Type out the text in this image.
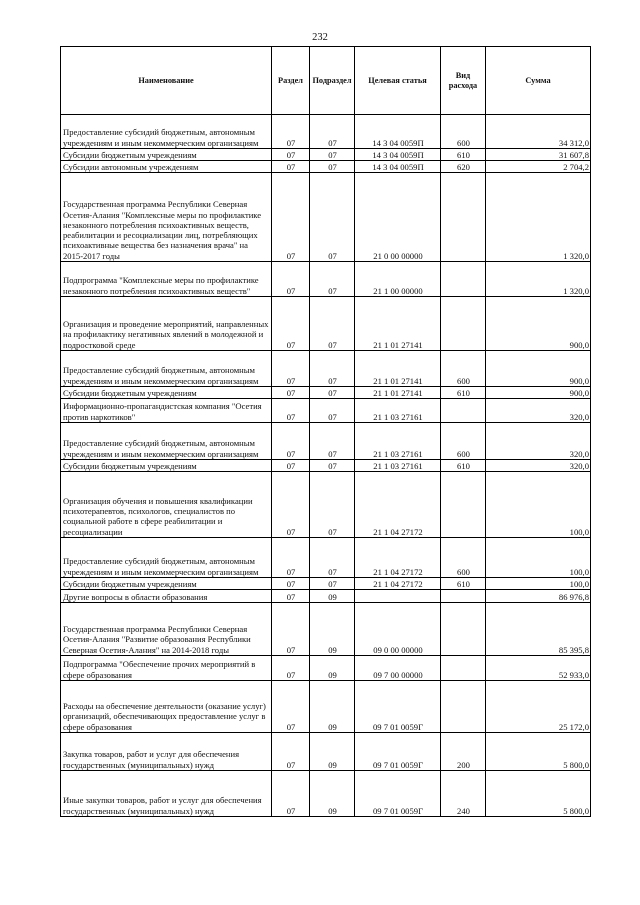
232
Наименование	Раздел	Подраздел	Целевая статья	Вид расхода	Сумма
Предоставление субсидий бюджетным, автономным учреждениям и иным некоммерческим организациям	07	07	14 3 04 0059П	600	34 312,0
Субсидии бюджетным учреждениям	07	07	14 3 04 0059П	610	31 607,8
Субсидии автономным учреждениям	07	07	14 3 04 0059П	620	2 704,2
Государственная программа Республики Северная Осетия-Алания "Комплексные меры по профилактике незаконного потребления психоактивных веществ, реабилитации и ресоциализации лиц, потребляющих психоактивные вещества без назначения врача" на 2015-2017 годы	07	07	21 0 00 00000		1 320,0
Подпрограмма "Комплексные меры по профилактике незаконного потребления психоактивных веществ"	07	07	21 1 00 00000		1 320,0
Организация и проведение мероприятий, направленных на профилактику негативных явлений в молодежной и подростковой среде	07	07	21 1 01 27141		900,0
Предоставление субсидий бюджетным, автономным учреждениям и иным некоммерческим организациям	07	07	21 1 01 27141	600	900,0
Субсидии бюджетным учреждениям	07	07	21 1 01 27141	610	900,0
Информационно-пропагандистская компания "Осетия против наркотиков"	07	07	21 1 03 27161		320,0
Предоставление субсидий бюджетным, автономным учреждениям и иным некоммерческим организациям	07	07	21 1 03 27161	600	320,0
Субсидии бюджетным учреждениям	07	07	21 1 03 27161	610	320,0
Организация обучения и повышения квалификации психотерапевтов, психологов, специалистов по социальной работе в сфере реабилитации и ресоциализации	07	07	21 1 04 27172		100,0
Предоставление субсидий бюджетным, автономным учреждениям и иным некоммерческим организациям	07	07	21 1 04 27172	600	100,0
Субсидии бюджетным учреждениям	07	07	21 1 04 27172	610	100,0
Другие вопросы в области образования	07	09			86 976,8
Государственная программа Республики Северная Осетия-Алания "Развитие образования Республики Северная Осетия-Алания" на 2014-2018 годы	07	09	09 0 00 00000		85 395,8
Подпрограмма "Обеспечение прочих мероприятий в сфере образования	07	09	09 7 00 00000		52 933,0
Расходы на обеспечение деятельности (оказание услуг) организаций, обеспечивающих предоставление услуг в сфере образования	07	09	09 7 01 0059Г		25 172,0
Закупка товаров, работ и услуг для обеспечения государственных (муниципальных) нужд	07	09	09 7 01 0059Г	200	5 800,0
Иные закупки товаров, работ и услуг для обеспечения государственных (муниципальных) нужд	07	09	09 7 01 0059Г	240	5 800,0
